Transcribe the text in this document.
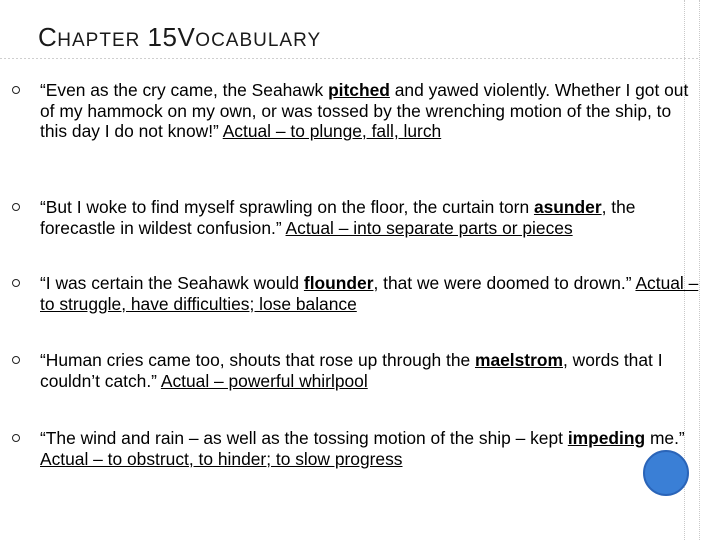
CHAPTER 15VOCABULARY
“Even as the cry came, the Seahawk pitched and yawed violently. Whether I got out of my hammock on my own, or was tossed by the wrenching motion of the ship, to this day I do not know!” Actual – to plunge, fall, lurch
“But I woke to find myself sprawling on the floor, the curtain torn asunder, the forecastle in wildest confusion.” Actual – into separate parts or pieces
“I was certain the Seahawk would flounder, that we were doomed to drown.” Actual – to struggle, have difficulties; lose balance
“Human cries came too, shouts that rose up through the maelstrom, words that I couldn’t catch.” Actual – powerful whirlpool
“The wind and rain – as well as the tossing motion of the ship – kept impeding me.” Actual – to obstruct, to hinder; to slow progress
